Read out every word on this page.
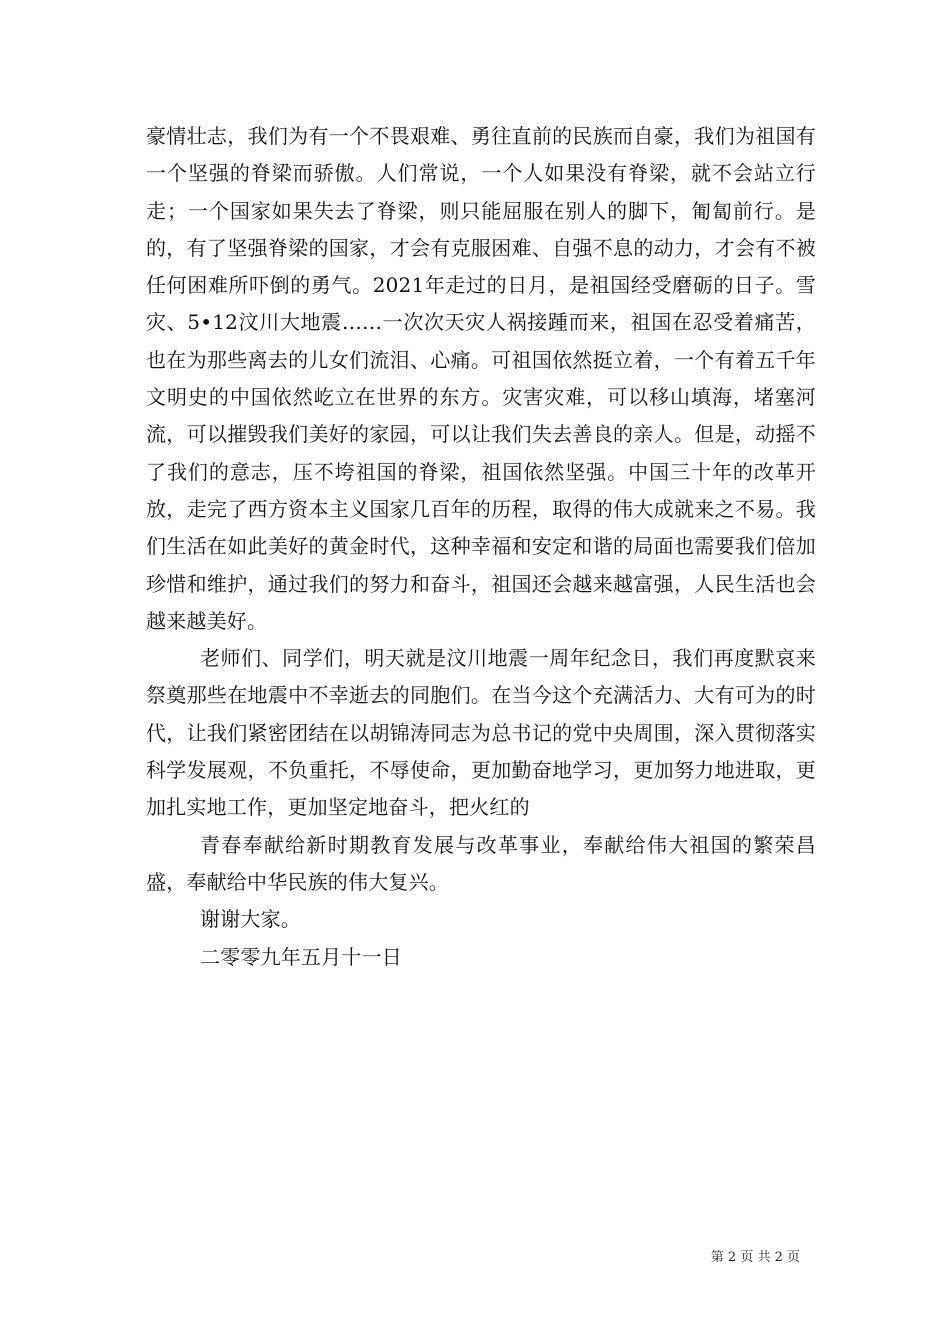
豪情壮志，我们为有一个不畏艰难、勇往直前的民族而自豪，我们为祖国有一个坚强的脊梁而骄傲。人们常说，一个人如果没有脊梁，就不会站立行走；一个国家如果失去了脊梁，则只能屈服在别人的脚下，匍匐前行。是的，有了坚强脊梁的国家，才会有克服困难、自强不息的动力，才会有不被任何困难所吓倒的勇气。2021年走过的日月，是祖国经受磨砺的日子。雪灾、5•12汶川大地震……一次次天灾人祸接踵而来，祖国在忍受着痛苦，也在为那些离去的儿女们流泪、心痛。可祖国依然挺立着，一个有着五千年文明史的中国依然屹立在世界的东方。灾害灾难，可以移山填海，堵塞河流，可以摧毁我们美好的家园，可以让我们失去善良的亲人。但是，动摇不了我们的意志，压不垮祖国的脊梁，祖国依然坚强。中国三十年的改革开放，走完了西方资本主义国家几百年的历程，取得的伟大成就来之不易。我们生活在如此美好的黄金时代，这种幸福和安定和谐的局面也需要我们倍加珍惜和维护，通过我们的努力和奋斗，祖国还会越来越富强，人民生活也会越来越美好。

老师们、同学们，明天就是汶川地震一周年纪念日，我们再度默哀来祭奠那些在地震中不幸逝去的同胞们。在当今这个充满活力、大有可为的时代，让我们紧密团结在以胡锦涛同志为总书记的党中央周围，深入贯彻落实科学发展观，不负重托，不辱使命，更加勤奋地学习，更加努力地进取，更加扎实地工作，更加坚定地奋斗，把火红的

青春奉献给新时期教育发展与改革事业，奉献给伟大祖国的繁荣昌盛，奉献给中华民族的伟大复兴。

谢谢大家。

二零零九年五月十一日

第 2 页 共 2 页
